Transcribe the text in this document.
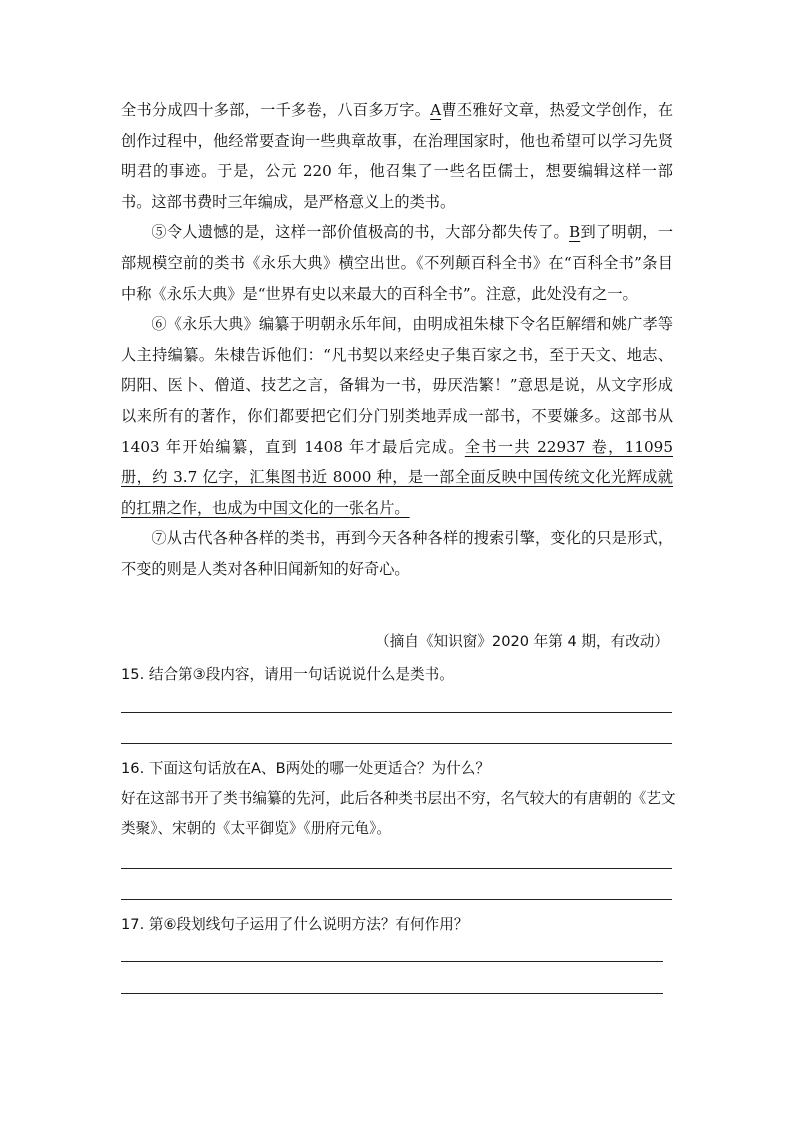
全书分成四十多部，一千多卷，八百多万字。A曹丕雅好文章，热爱文学创作，在创作过程中，他经常要查询一些典章故事，在治理国家时，他也希望可以学习先贤明君的事迹。于是，公元 220 年，他召集了一些名臣儒士，想要编辑这样一部书。这部书费时三年编成，是严格意义上的类书。

⑤令人遗憾的是，这样一部价值极高的书，大部分都失传了。B到了明朝，一部规模空前的类书《永乐大典》横空出世。《不列颠百科全书》在“百科全书”条目中称《永乐大典》是“世界有史以来最大的百科全书”。注意，此处没有之一。

⑥《永乐大典》编纂于明朝永乐年间，由明成祖朱棣下令名臣解缙和姚广孝等人主持编纂。朱棣告诉他们：“凡书契以来经史子集百家之书，至于天文、地志、阴阳、医卜、僧道、技艺之言，备辑为一书，毋厌浩繁！”意思是说，从文字形成以来所有的著作，你们都要把它们分门别类地弄成一部书，不要嫌多。这部书从 1403 年开始编纂，直到 1408 年才最后完成。全书一共 22937 卷，11095 册，约 3.7 亿字，汇集图书近 8000 种，是一部全面反映中国传统文化光辉成就的扛鼎之作，也成为中国文化的一张名片。

⑦从古代各种各样的类书，再到今天各种各样的搜索引擎，变化的只是形式，不变的则是人类对各种旧闻新知的好奇心。

（摘自《知识窗》2020 年第 4 期，有改动）

15. 结合第③段内容，请用一句话说说什么是类书。

16. 下面这句话放在A、B两处的哪一处更适合？为什么？

好在这部书开了类书编纂的先河，此后各种类书层出不穷，名气较大的有唐朝的《艺文类聚》、宋朝的《太平御览》《册府元龟》。

17. 第⑥段划线句子运用了什么说明方法？有何作用？
